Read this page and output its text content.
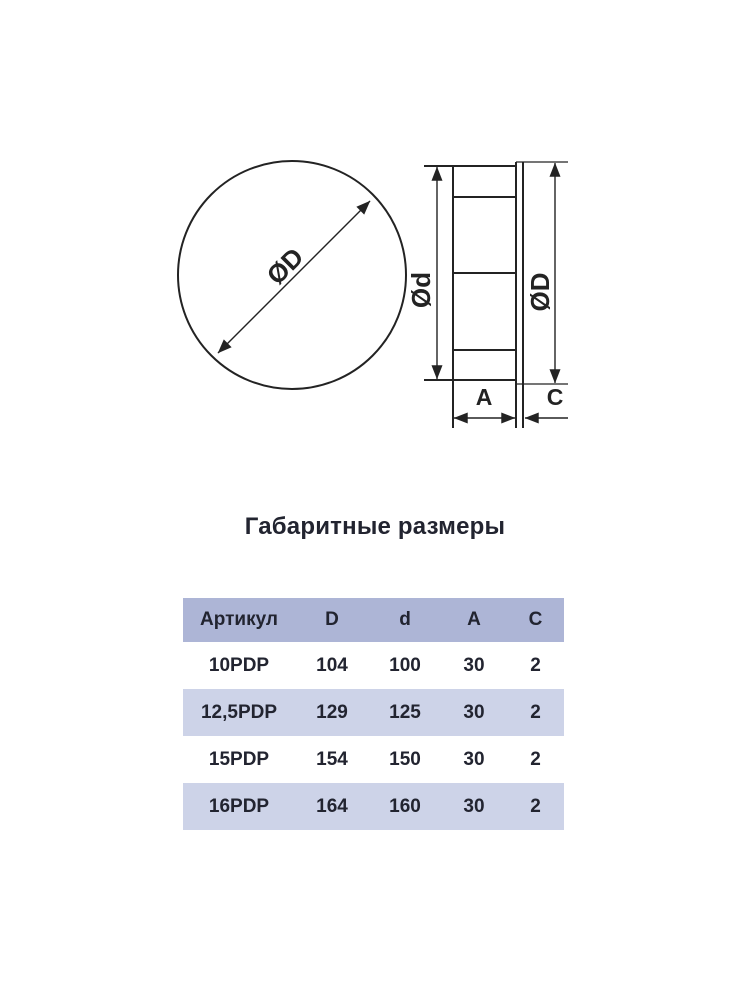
ØD	Ød	ØD
A C
Габаритные размеры
Артикул	D	d	A	C
10PDP	104	100	30	2
12,5PDP	129	125	30	2
15PDP	154	150	30	2
16PDP	164	160	30	2
